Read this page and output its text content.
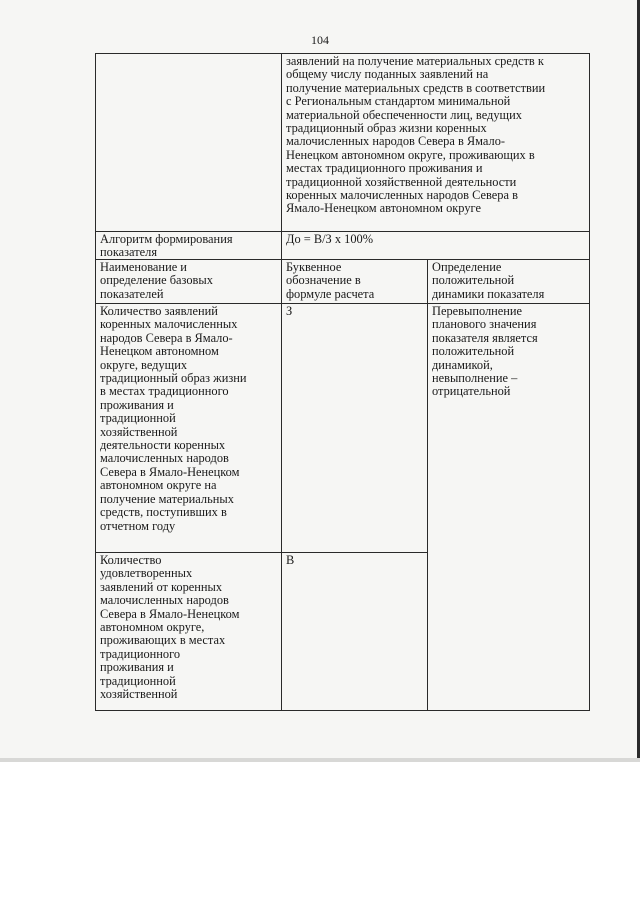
104
заявлений на получение материальных средств к
общему числу поданных заявлений на
получение материальных средств в соответствии
с Региональным стандартом минимальной
материальной обеспеченности лиц, ведущих
традиционный образ жизни коренных
малочисленных народов Севера в Ямало-
Ненецком автономном округе, проживающих в
местах традиционного проживания и
традиционной хозяйственной деятельности
коренных малочисленных народов Севера в
Ямало-Ненецком автономном округе
Алгоритм формирования
показателя
До = В/З х 100%
Наименование и
определение базовых
показателей
Буквенное
обозначение в
формуле расчета
Определение
положительной
динамики показателя
Количество заявлений
коренных малочисленных
народов Севера в Ямало-
Ненецком автономном
округе, ведущих
традиционный образ жизни
в местах традиционного
проживания и
традиционной
хозяйственной
деятельности коренных
малочисленных народов
Севера в Ямало-Ненецком
автономном округе на
получение материальных
средств, поступивших в
отчетном году
З	Перевыполнение
планового значения
показателя является
положительной
динамикой,
невыполнение –
отрицательной
Количество
удовлетворенных
заявлений от коренных
малочисленных народов
Севера в Ямало-Ненецком
автономном округе,
проживающих в местах
традиционного
проживания и
традиционной
хозяйственной
В
